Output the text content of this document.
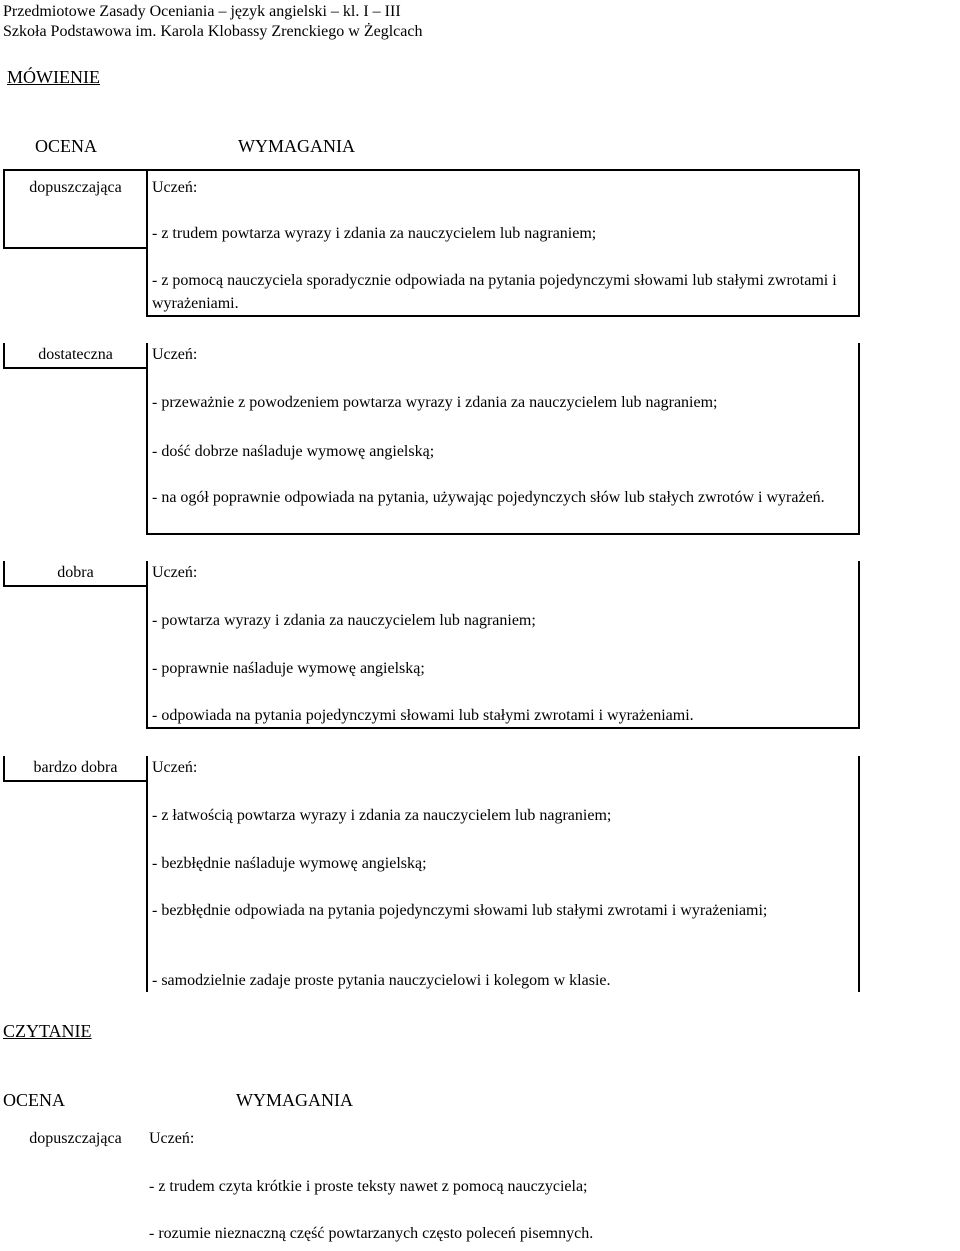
Przedmiotowe Zasady Oceniania – język angielski – kl. I – III
Szkoła Podstawowa im. Karola Klobassy Zrenckiego w Żeglcach
MÓWIENIE
OCENA	WYMAGANIA
dopuszczająca	Uczeń:
- z trudem powtarza wyrazy i zdania za nauczycielem lub nagraniem;
- z pomocą nauczyciela sporadycznie odpowiada na pytania pojedynczymi słowami lub stałymi zwrotami i wyrażeniami.
dostateczna	Uczeń:
- przeważnie z powodzeniem powtarza wyrazy i zdania za nauczycielem lub nagraniem;
- dość dobrze naśladuje wymowę angielską;
- na ogół poprawnie odpowiada na pytania, używając pojedynczych słów lub stałych zwrotów i wyrażeń.
dobra	Uczeń:
- powtarza wyrazy i zdania za nauczycielem lub nagraniem;
- poprawnie naśladuje wymowę angielską;
- odpowiada na pytania pojedynczymi słowami lub stałymi zwrotami i wyrażeniami.
bardzo dobra	Uczeń:
- z łatwością powtarza wyrazy i zdania za nauczycielem lub nagraniem;
- bezbłędnie naśladuje wymowę angielską;
- bezbłędnie odpowiada na pytania pojedynczymi słowami lub stałymi zwrotami i wyrażeniami;
- samodzielnie zadaje proste pytania nauczycielowi i kolegom w klasie.
CZYTANIE
OCENA	WYMAGANIA
dopuszczająca	Uczeń:
- z trudem czyta krótkie i proste teksty nawet z pomocą nauczyciela;
- rozumie nieznaczną część powtarzanych często poleceń pisemnych.
